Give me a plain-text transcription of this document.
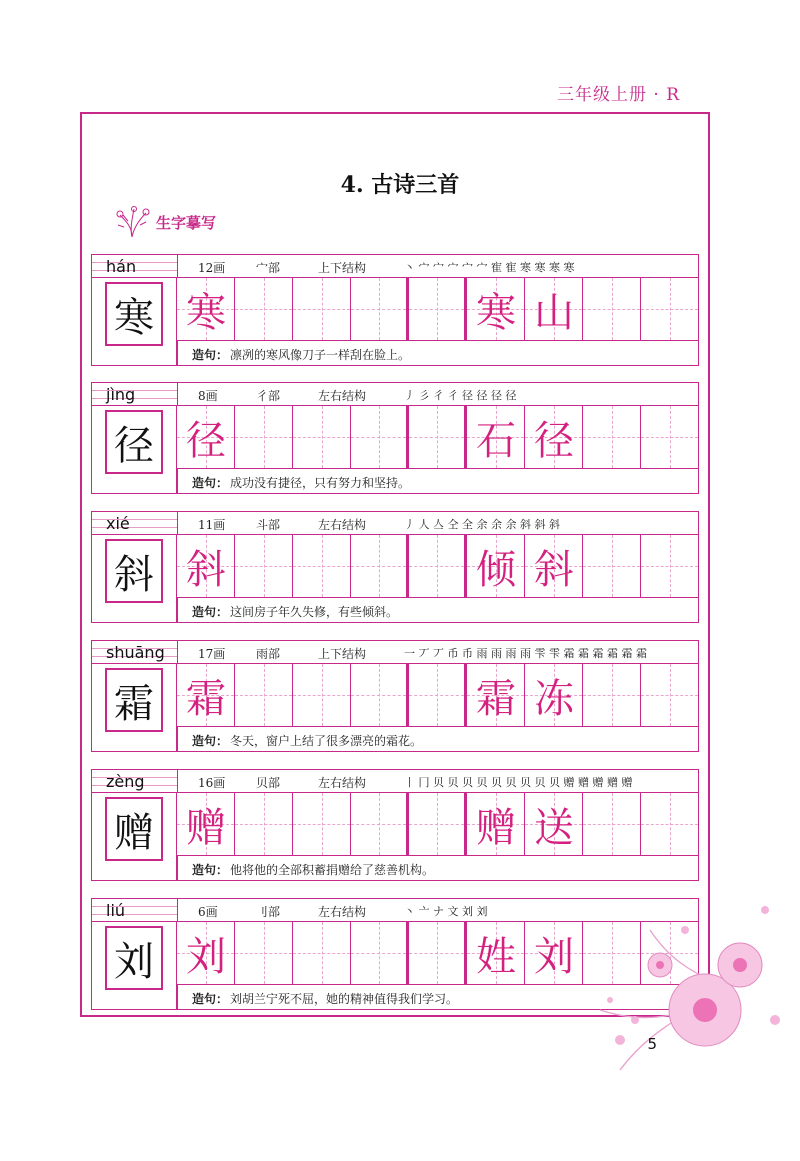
三年级上册 · R
4. 古诗三首
生字摹写
hán	12画	宀部	上下结构	丶 宀 宀 宀 宀 宀 寉 寉 寒 寒 寒 寒
寒 寒	寒 山
造句： 凛冽的寒风像刀子一样刮在脸上。
jìng	8画	彳部	左右结构	丿 彡 彳 彳 径 径 径 径
径 径	石 径
造句： 成功没有捷径，只有努力和坚持。
xié	11画	斗部	左右结构	丿 人 亼 仝 全 余 余 余 斜 斜 斜
斜 斜	倾 斜
造句： 这间房子年久失修，有些倾斜。
shuāng	17画	雨部	上下结构	一 丆 丆 币 币 雨 雨 雨 雨 雫 雫 霜 霜 霜 霜 霜 霜
霜 霜	霜 冻
造句： 冬天，窗户上结了很多漂亮的霜花。
zèng	16画	贝部	左右结构	丨 冂 贝 贝 贝 贝 贝 贝 贝 贝 贝 赠 赠 赠 赠 赠
赠 赠	赠 送
造句： 他将他的全部积蓄捐赠给了慈善机构。
liú	6画	刂部	左右结构	丶 亠 ナ 文 刘 刘
刘 刘	姓 刘
造句： 刘胡兰宁死不屈，她的精神值得我们学习。
5
